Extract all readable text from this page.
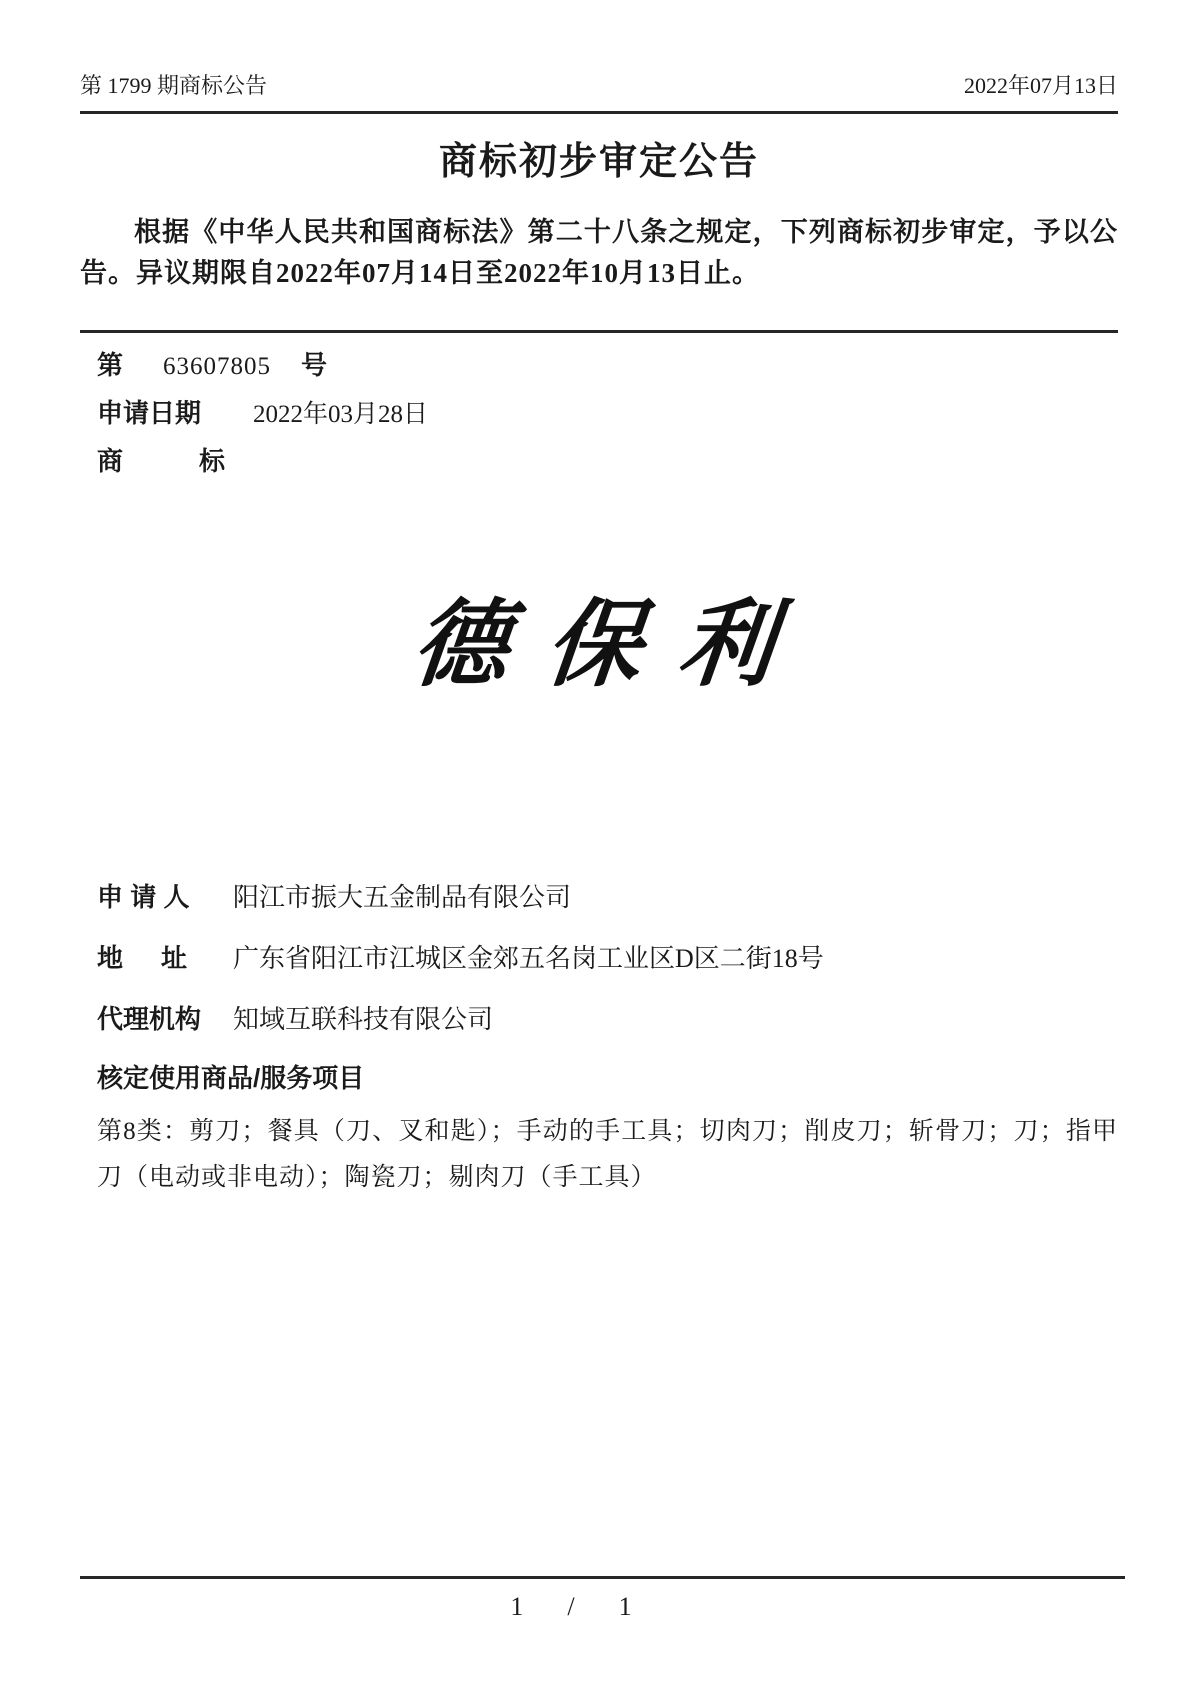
第 1799 期商标公告	2022年07月13日
商标初步审定公告

根据《中华人民共和国商标法》第二十八条之规定，下列商标初步审定，予以公告。异议期限自2022年07月14日至2022年10月13日止。

第 63607805 号
申请日期	2022年03月28日
商　　标
德保利
申 请 人	阳江市振大五金制品有限公司
地　址	广东省阳江市江城区金郊五名岗工业区D区二街18号
代理机构	知域互联科技有限公司
核定使用商品/服务项目

第8类：剪刀；餐具（刀、叉和匙）；手动的手工具；切肉刀；削皮刀；斩骨刀；刀；指甲刀（电动或非电动）；陶瓷刀；剔肉刀（手工具）

1 / 1
